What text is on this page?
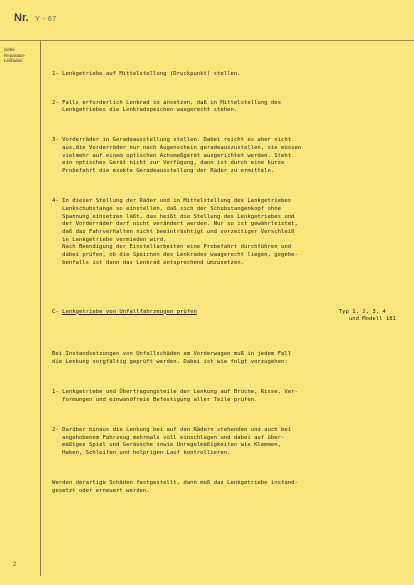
Nr. Y - 67
siehe
Reparatur-
Leitfaden

1- Lenkgetriebe auf Mittelstellung (Druckpunkt) stellen.

2- Falls erforderlich Lenkrad so ansetzen, daß in Mittelstellung des
Lenkgetriebes die Lenkradspeichen waagerecht stehen.

3- Vorderräder in Geradeausstellung stellen. Dabei reicht es aber nicht
aus,die Vorderräder nur nach Augenschein geradeauszustellen, sie müssen
vielmehr auf einem optischen Achsmeßgerät ausgerichtet werden. Steht
ein optisches Gerät nicht zur Verfügung, dann ist durch eine kurze
Probefahrt die exakte Geradeausstellung der Räder zu ermitteln.

4- In dieser Stellung der Räder und in Mittelstellung des Lenkgetriebes
Lenkschubstange so einstellen, daß sich der Schubstangenkopf ohne
Spannung einsetzen läßt, das heißt die Stellung des Lenkgetriebes und
der Vorderräder darf nicht verändert werden. Nur so ist gewährleistet,
daß das Fahrverhalten nicht beeinträchtigt und vorzeitiger Verschleiß
in Lenkgetriebe vermieden wird.
Nach Beendigung der Einstellarbeiten eine Probefahrt durchführen und
dabei prüfen, ob die Speichen des Lenkrades waagerecht liegen, gegebe-
benfalls ist dann das Lenkrad entsprechend umzusetzen.

C- Lenkgetriebe von Unfallfahrzeugen prüfen	Typ 1, 2, 3, 4
und Modell 181

Bei Instandsetzungen von Unfallschäden am Vorderwagen muß in jedem Fall
die Lenkung sorgfältig geprüft werden. Dabei ist wie folgt vorzugehen:

1- Lenkgetriebe und Übertragungsteile der Lenkung auf Brüche, Risse, Ver-
formungen und einwandfreie Befestigung aller Teile prüfen.

2- Darüber hinaus die Lenkung bei auf den Rädern stehenden und auch bei
angehobenem Fahrzeug mehrmals voll einschlagen und dabei auf über-
mäßiges Spiel und Geräusche sowie Unregelmäßigkeiten wie Klemmen,
Haken, Schleifen und holprigen Lauf kontrollieren.

Werden derartige Schäden festgestellt, dann muß das Lenkgetriebe instand-
gesetzt oder erneuert werden.

2
